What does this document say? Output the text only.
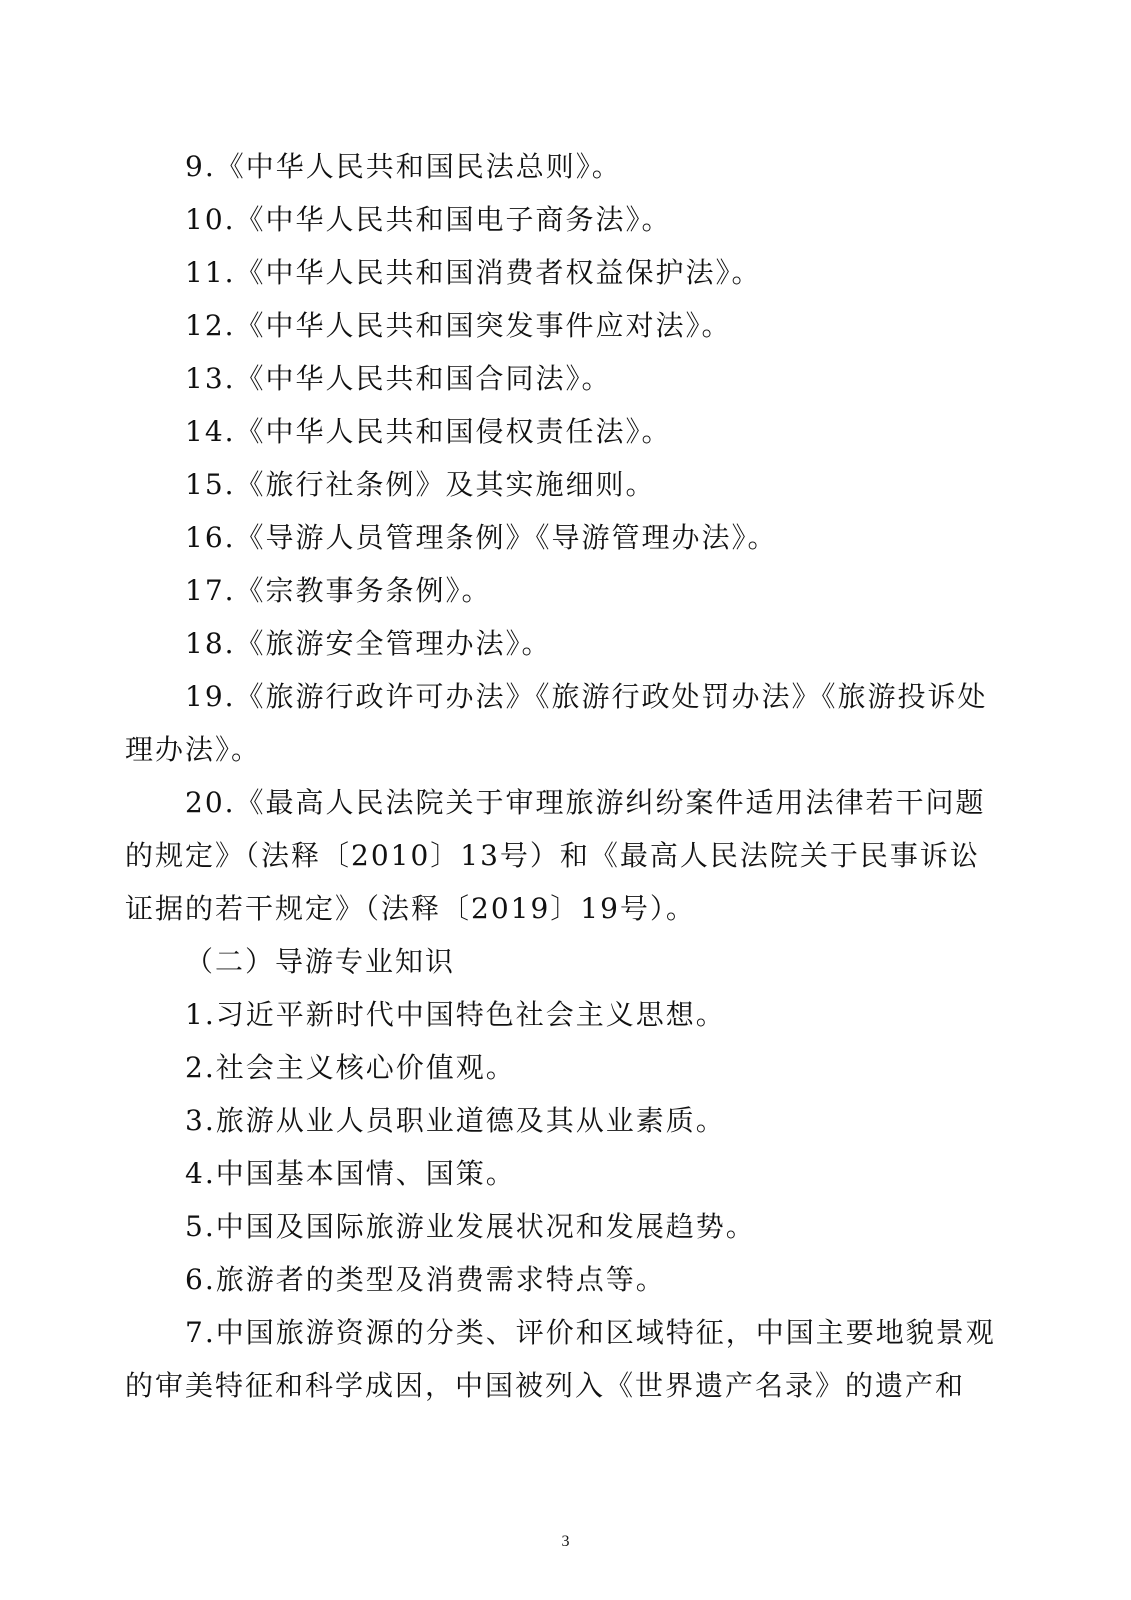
9.《中华人民共和国民法总则》。

10.《中华人民共和国电子商务法》。

11.《中华人民共和国消费者权益保护法》。

12.《中华人民共和国突发事件应对法》。

13.《中华人民共和国合同法》。

14.《中华人民共和国侵权责任法》。

15.《旅行社条例》及其实施细则。

16.《导游人员管理条例》《导游管理办法》。

17.《宗教事务条例》。

18.《旅游安全管理办法》。

19.《旅游行政许可办法》《旅游行政处罚办法》《旅游投诉处理办法》。

20.《最高人民法院关于审理旅游纠纷案件适用法律若干问题的规定》（法释〔2010〕13号）和《最高人民法院关于民事诉讼证据的若干规定》（法释〔2019〕19号）。

（二）导游专业知识

1.习近平新时代中国特色社会主义思想。

2.社会主义核心价值观。

3.旅游从业人员职业道德及其从业素质。

4.中国基本国情、国策。

5.中国及国际旅游业发展状况和发展趋势。

6.旅游者的类型及消费需求特点等。

7.中国旅游资源的分类、评价和区域特征，中国主要地貌景观的审美特征和科学成因，中国被列入《世界遗产名录》的遗产和

3
